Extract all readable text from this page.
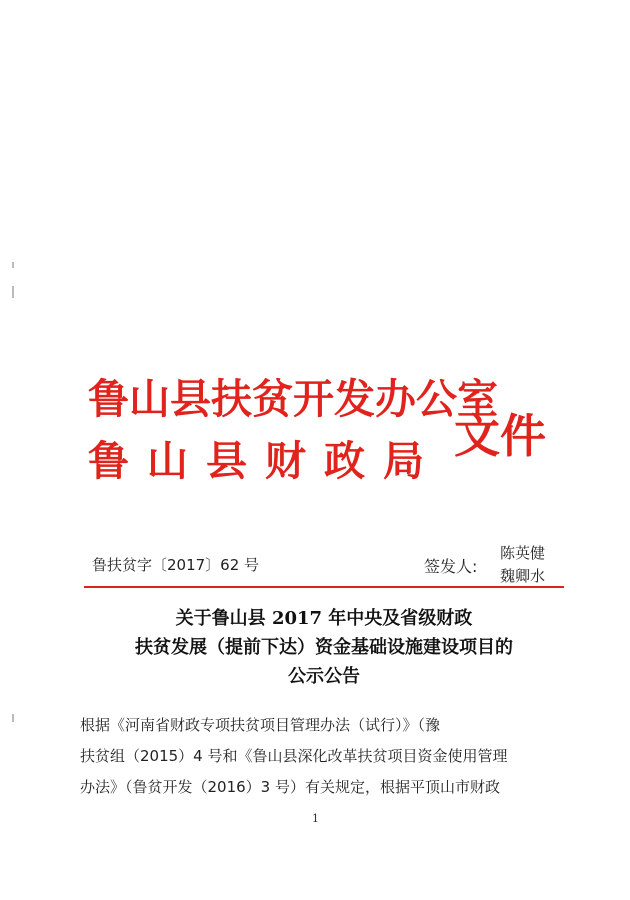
鲁山县扶贫开发办公室
鲁山县财政局 文件
鲁扶贫字〔2017〕62 号	签发人:
陈英健
魏卿水
关于鲁山县 2017 年中央及省级财政
扶贫发展（提前下达）资金基础设施建设项目的
公示公告
根据《河南省财政专项扶贫项目管理办法（试行）》（豫
扶贫组（2015）4 号和《鲁山县深化改革扶贫项目资金使用管理
办法》（鲁贫开发（2016）3 号）有关规定，根据平顶山市财政
1
